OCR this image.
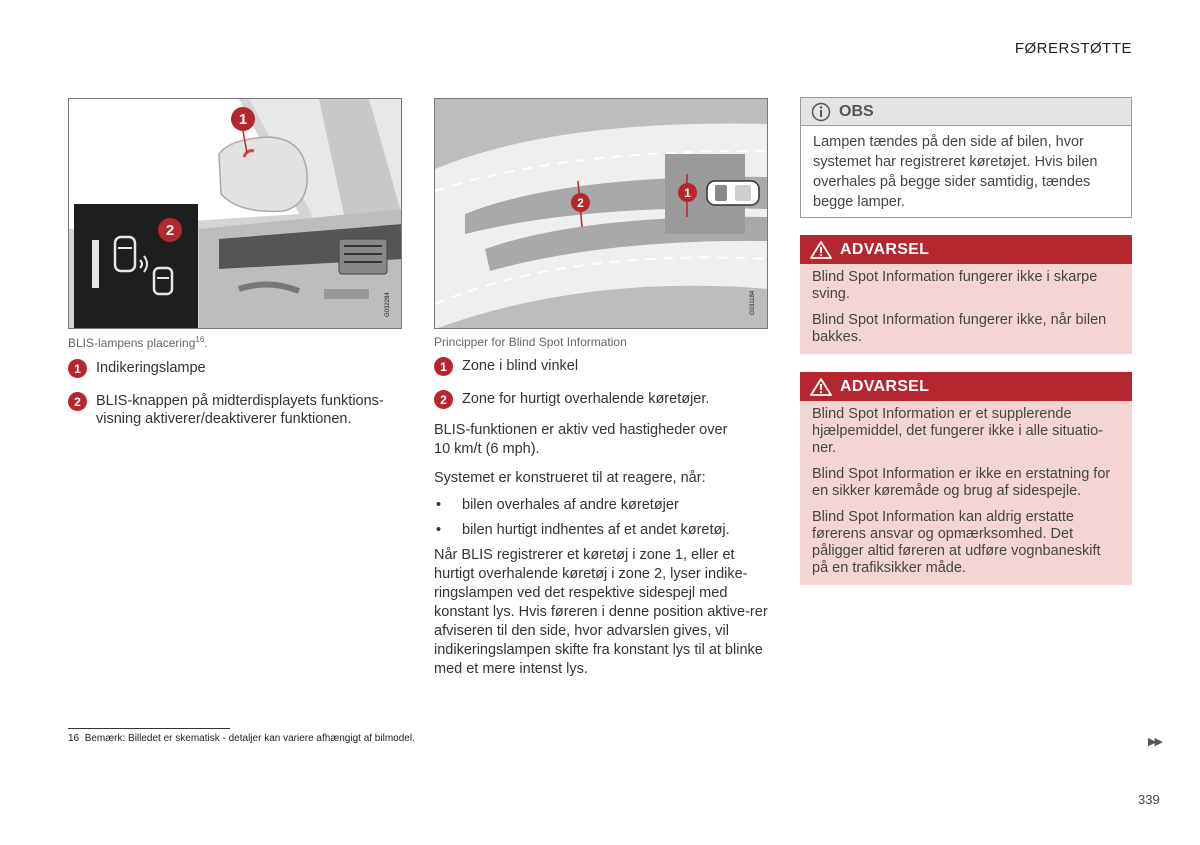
FØRERSTØTTE
2
1
G032284
BLIS-lampens placering$^{16}$.
1	Indikeringslampe
2	BLIS-knappen på midterdisplayets funktions-visning aktiverer/deaktiverer funktionen.
2
1
G031184
Principper for Blind Spot Information
1	Zone i blind vinkel
2	Zone for hurtigt overhalende køretøjer.
BLIS-funktionen er aktiv ved hastigheder over 10 km/t (6 mph).
Systemet er konstrueret til at reagere, når:
• bilen overhales af andre køretøjer
• bilen hurtigt indhentes af et andet køretøj.
Når BLIS registrerer et køretøj i zone 1, eller et hurtigt overhalende køretøj i zone 2, lyser indike-ringslampen ved det respektive sidespejl med konstant lys. Hvis føreren i denne position aktive-rer afviseren til den side, hvor advarslen gives, vil indikeringslampen skifte fra konstant lys til at blinke med et mere intenst lys.
OBS
Lampen tændes på den side af bilen, hvor systemet har registreret køretøjet. Hvis bilen overhales på begge sider samtidig, tændes begge lamper.
ADVARSEL

Blind Spot Information fungerer ikke i skarpe sving.

Blind Spot Information fungerer ikke, når bilen bakkes.

ADVARSEL

Blind Spot Information er et supplerende hjælpemiddel, det fungerer ikke i alle situatio-ner.

Blind Spot Information er ikke en erstatning for en sikker køremåde og brug af sidespejle.

Blind Spot Information kan aldrig erstatte førerens ansvar og opmærksomhed. Det påligger altid føreren at udføre vognbaneskift på en trafiksikker måde.

16 Bemærk: Billedet er skematisk - detaljer kan variere afhængigt af bilmodel.	▶▶
339
